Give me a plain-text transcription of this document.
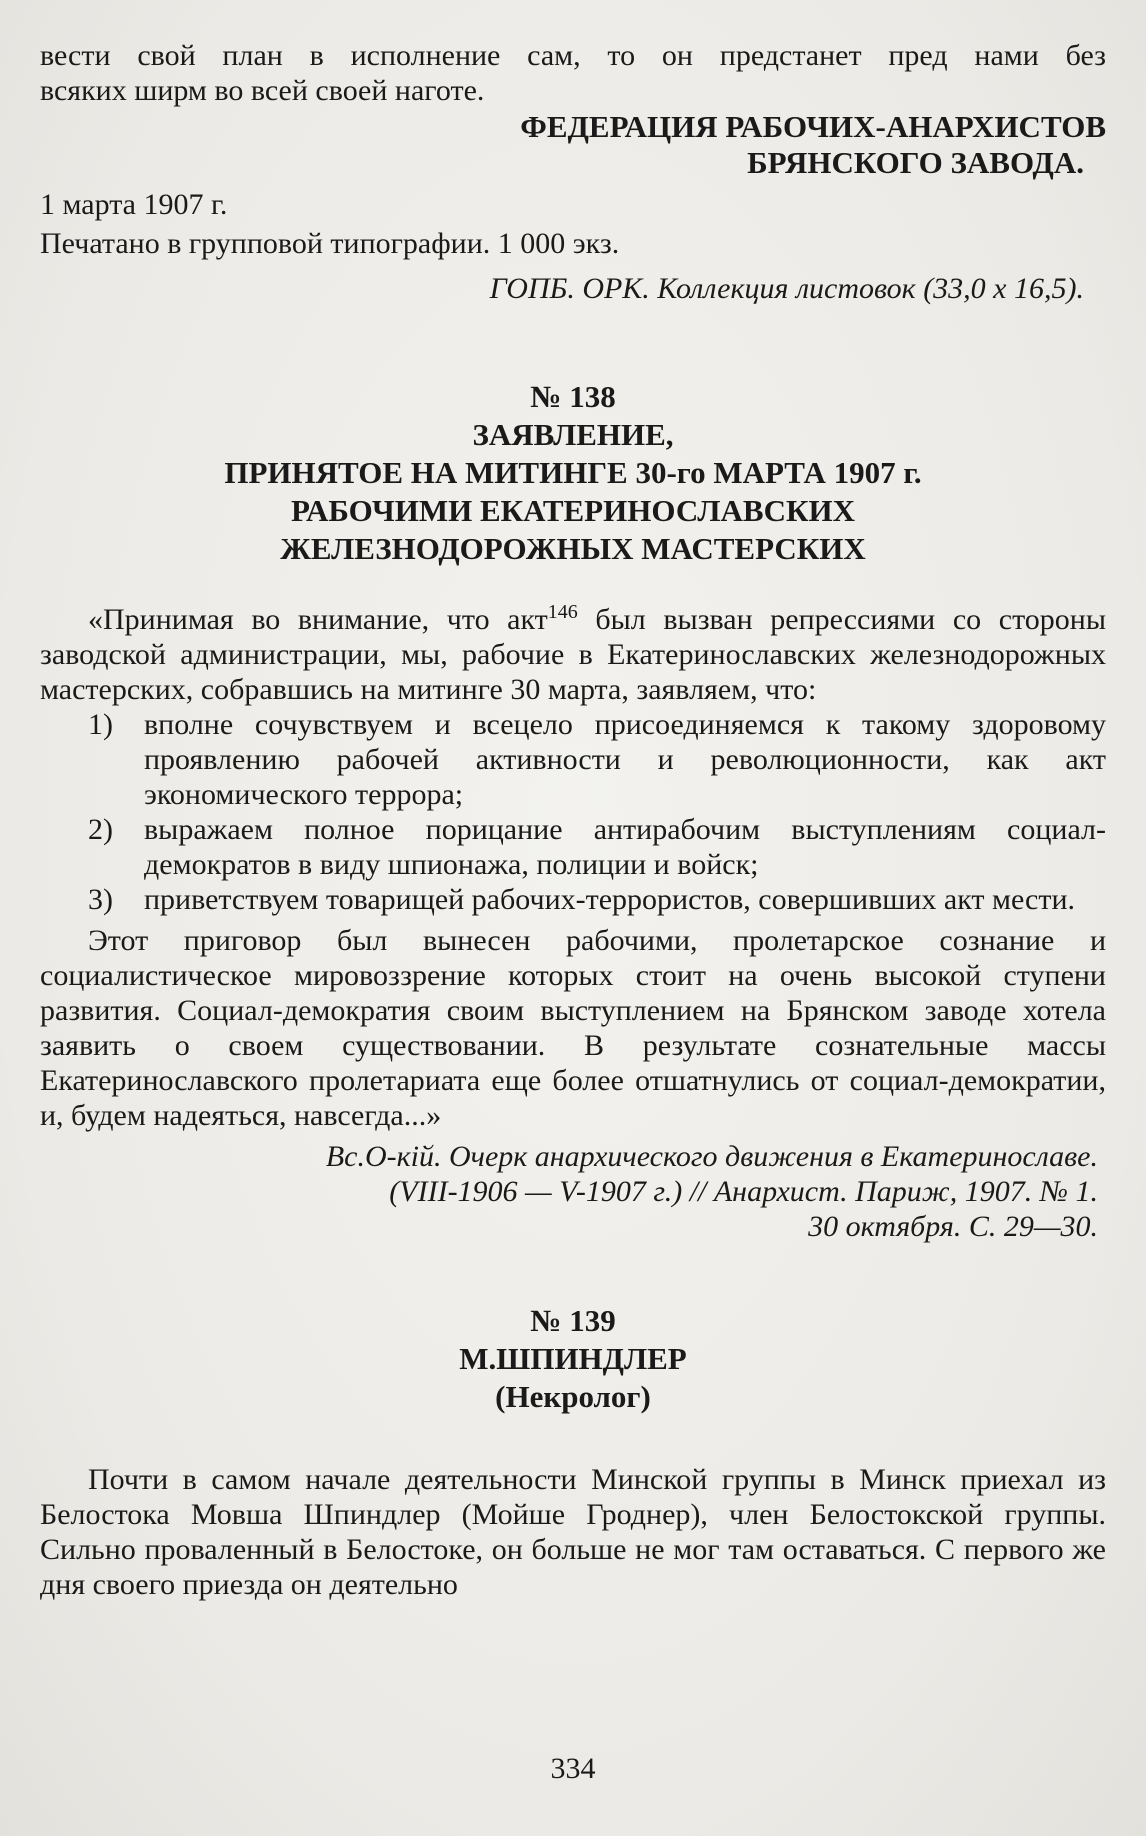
вести свой план в исполнение сам, то он предстанет пред нами без

всяких ширм во всей своей наготе.

ФЕДЕРАЦИЯ РАБОЧИХ-АНАРХИСТОВ

БРЯНСКОГО ЗАВОДА.

1 марта 1907 г.

Печатано в групповой типографии. 1 000 экз.

ГОПБ. ОРК. Коллекция листовок (33,0 х 16,5).

№ 138

ЗАЯВЛЕНИЕ,

ПРИНЯТОЕ НА МИТИНГЕ 30-го МАРТА 1907 г.

РАБОЧИМИ ЕКАТЕРИНОСЛАВСКИХ

ЖЕЛЕЗНОДОРОЖНЫХ МАСТЕРСКИХ

«Принимая во внимание, что акт$^{146}$ был вызван репрессиями со стороны заводской администрации, мы, рабочие в Екатеринославских железнодорожных мастерских, собравшись на митинге 30 марта, заявляем, что:

1)	вполне сочувствуем и всецело присоединяемся к такому здоровому проявлению рабочей активности и революционности, как акт экономического террора;
2)	выражаем полное порицание антирабочим выступлениям социал-демократов в виду шпионажа, полиции и войск;
3)	приветствуем товарищей рабочих-террористов, совершивших акт мести.

Этот приговор был вынесен рабочими, пролетарское сознание и социалистическое мировоззрение которых стоит на очень высокой ступени развития. Социал-демократия своим выступлением на Брянском заводе хотела заявить о своем существовании. В результате сознательные массы Екатеринославского пролетариата еще более отшатнулись от социал-демократии, и, будем надеяться, навсегда...»

Вс.О-кій. Очерк анархического движения в Екатеринославе.

(VIII-1906 — V-1907 г.) // Анархист. Париж, 1907. № 1.

30 октября. С. 29—30.

№ 139

М.ШПИНДЛЕР

(Некролог)

Почти в самом начале деятельности Минской группы в Минск приехал из Белостока Мовша Шпиндлер (Мойше Гроднер), член Белостокской группы. Сильно проваленный в Белостоке, он больше не мог там оставаться. С первого же дня своего приезда он деятельно

334
